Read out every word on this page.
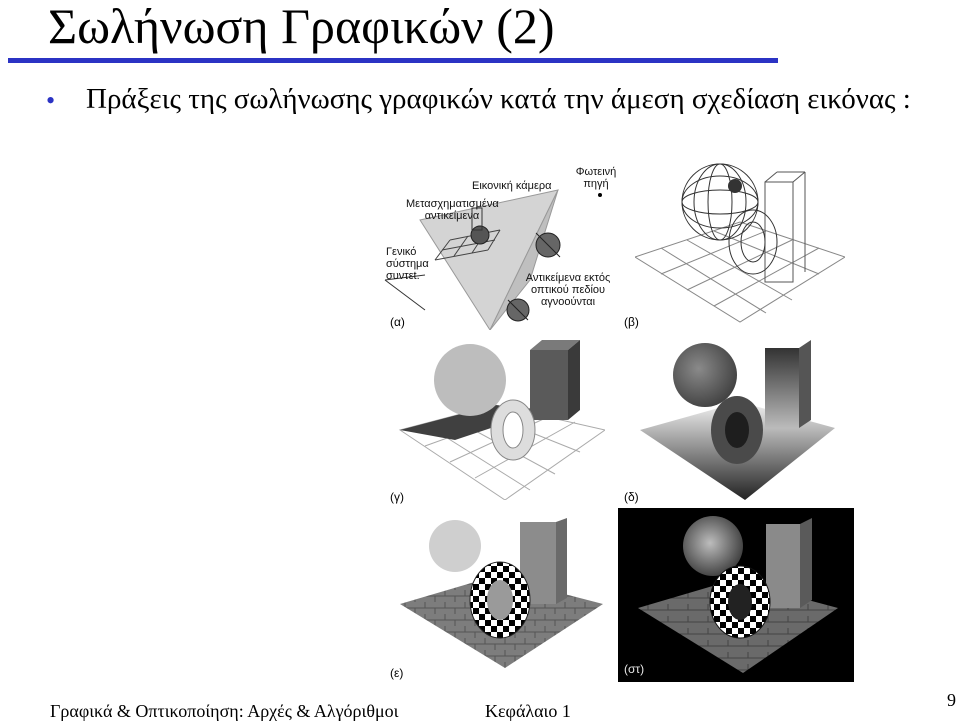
Σωλήνωση Γραφικών (2)
•	Πράξεις της σωλήνωσης γραφικών κατά την άμεση σχεδίαση εικόνας :
Εικονική κάμερα
Φωτεινή πηγή
Μετασχηματισμένα αντικείμενα
Γενικό σύστημα συντεt.	Αντικείμενα εκτός οπτικού πεδίου αγνοούνται
(α)	(β)
(γ)	(δ)
(ε)	(στ)
Γραφικά & Οπτικοποίηση: Αρχές & Αλγόριθμοι	Κεφάλαιο 1
9
